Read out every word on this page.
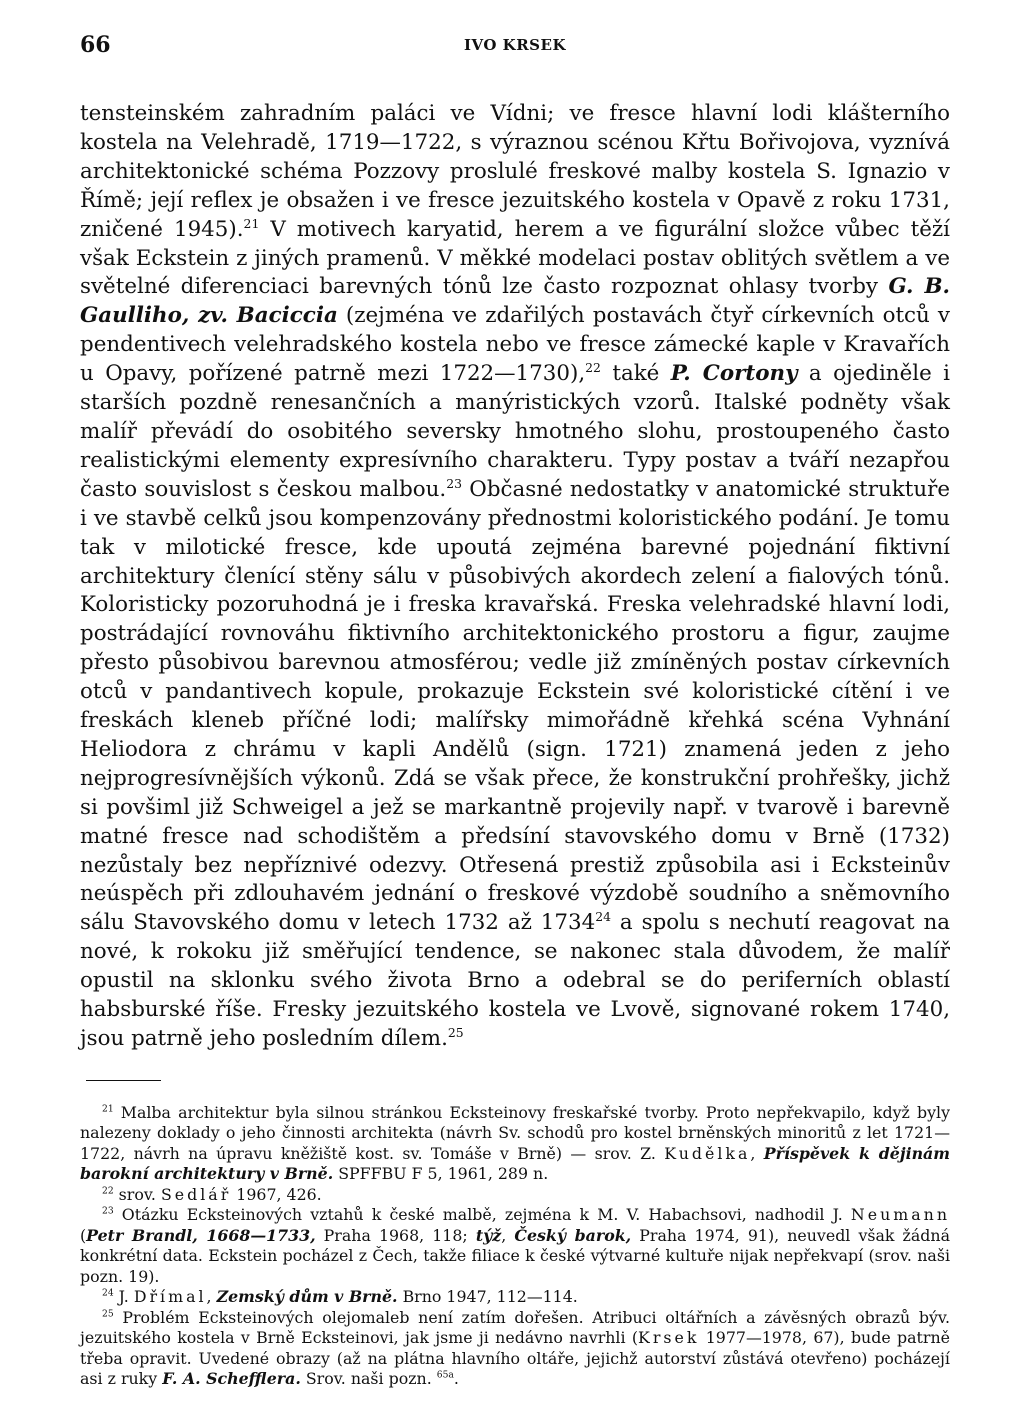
66	IVO KRSEK

tensteinském zahradním paláci ve Vídni; ve fresce hlavní lodi klášterního kostela na Velehradě, 1719—1722, s výraznou scénou Křtu Bořivojova, vyznívá architektonické schéma Pozzovy proslulé freskové malby kostela S. Ignazio v Římě; její reflex je obsažen i ve fresce jezuitského kostela v Opavě z roku 1731, zničené 1945).$^{21}$ V motivech karyatid, herem a ve figurální složce vůbec těží však Eckstein z jiných pramenů. V měkké modelaci postav oblitých světlem a ve světelné diferenciaci barevných tónů lze často rozpoznat ohlasy tvorby G. B. Gaulliho, zv. Baciccia (zejména ve zdařilých postavách čtyř církevních otců v pendentivech velehradského kostela nebo ve fresce zámecké kaple v Kravařích u Opavy, pořízené patrně mezi 1722—1730),$^{22}$ také P. Cortony a ojediněle i starších pozdně renesančních a manýristických vzorů. Italské podněty však malíř převádí do osobitého seversky hmotného slohu, prostoupeného často realistickými elementy expresívního charakteru. Typy postav a tváří nezapřou často souvislost s českou malbou.$^{23}$ Občasné nedostatky v anatomické struktuře i ve stavbě celků jsou kompenzovány přednostmi koloristického podání. Je tomu tak v milotické fresce, kde upoutá zejména barevné pojednání fiktivní architektury členící stěny sálu v působivých akordech zelení a fialových tónů. Koloristicky pozoruhodná je i freska kravařská. Freska velehradské hlavní lodi, postrádající rovnováhu fiktivního architektonického prostoru a figur, zaujme přesto působivou barevnou atmosférou; vedle již zmíněných postav církevních otců v pandantivech kopule, prokazuje Eckstein své koloristické cítění i ve freskách kleneb příčné lodi; malířsky mimořádně křehká scéna Vyhnání Heliodora z chrámu v kapli Andělů (sign. 1721) znamená jeden z jeho nejprogresívnějších výkonů. Zdá se však přece, že konstrukční prohřešky, jichž si povšiml již Schweigel a jež se markantně projevily např. v tvarově i barevně matné fresce nad schodištěm a předsíní stavovského domu v Brně (1732) nezůstaly bez nepříznivé odezvy. Otřesená prestiž způsobila asi i Ecksteinův neúspěch při zdlouhavém jednání o freskové výzdobě soudního a sněmovního sálu Stavovského domu v letech 1732 až 1734$^{24}$ a spolu s nechutí reagovat na nové, k rokoku již směřující tendence, se nakonec stala důvodem, že malíř opustil na sklonku svého života Brno a odebral se do periferních oblastí habsburské říše. Fresky jezuitského kostela ve Lvově, signované rokem 1740, jsou patrně jeho posledním dílem.$^{25}$

$^{21}$ Malba architektur byla silnou stránkou Ecksteinovy freskařské tvorby. Proto nepřekvapilo, když byly nalezeny doklady o jeho činnosti architekta (návrh Sv. schodů pro kostel brněnských minoritů z let 1721—1722, návrh na úpravu kněžiště kost. sv. Tomáše v Brně) — srov. Z. Kudělka, Příspěvek k dějinám barokní architektury v Brně. SPFFBU F 5, 1961, 289 n.

$^{22}$ srov. Sedlář 1967, 426.

$^{23}$ Otázku Ecksteinových vztahů k české malbě, zejména k M. V. Habachsovi, nadhodil J. Neumann (Petr Brandl, 1668—1733, Praha 1968, 118; týž, Český barok, Praha 1974, 91), neuvedl však žádná konkrétní data. Eckstein pocházel z Čech, takže filiace k české výtvarné kultuře nijak nepřekvapí (srov. naši pozn. 19).

$^{24}$ J. Dřímal, Zemský dům v Brně. Brno 1947, 112—114.

$^{25}$ Problém Ecksteinových olejomaleb není zatím dořešen. Atribuci oltářních a závěsných obrazů býv. jezuitského kostela v Brně Ecksteinovi, jak jsme ji nedávno navrhli (Krsek 1977—1978, 67), bude patrně třeba opravit. Uvedené obrazy (až na plátna hlavního oltáře, jejichž autorství zůstává otevřeno) pocházejí asi z ruky F. A. Schefflera. Srov. naši pozn. $^{65a}$.
